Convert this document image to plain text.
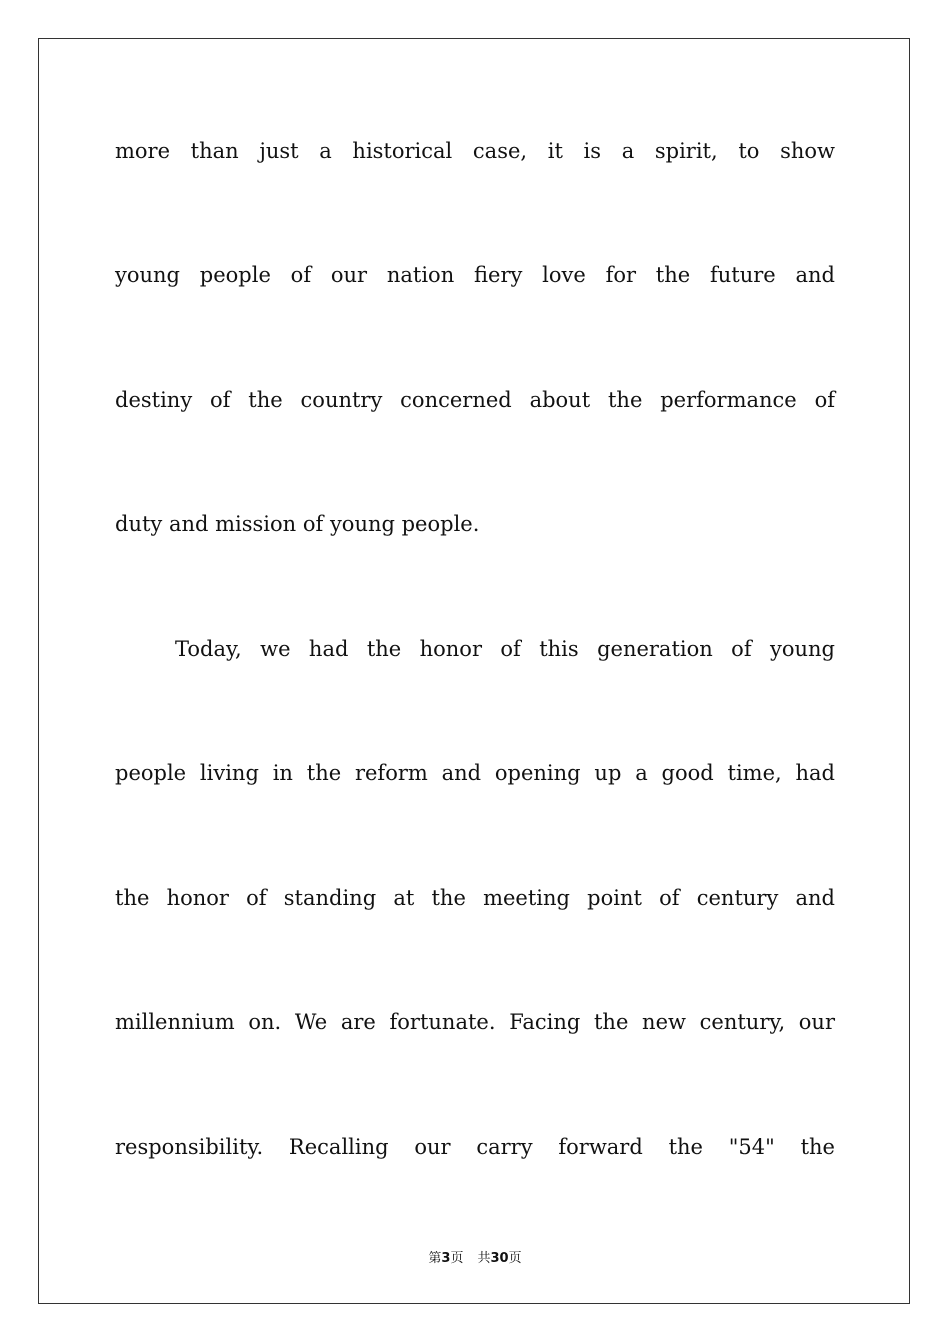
more than just a historical case, it is a spirit, to show
young people of our nation fiery love for the future and
destiny of the country concerned about the performance of
duty and mission of young people.
Today, we had the honor of this generation of young
people living in the reform and opening up a good time, had
the honor of standing at the meeting point of century and
millennium on. We are fortunate. Facing the new century, our
responsibility. Recalling our carry forward the "54" the
第3页 共30页
